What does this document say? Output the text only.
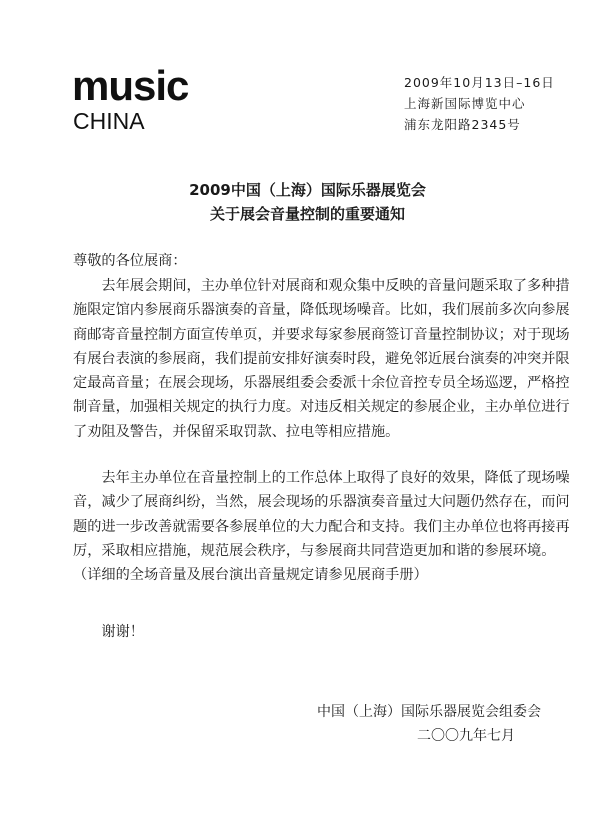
music
CHINA
2009年10月13日–16日
上海新国际博览中心
浦东龙阳路2345号
2009中国（上海）国际乐器展览会
关于展会音量控制的重要通知
尊敬的各位展商：
　　去年展会期间，主办单位针对展商和观众集中反映的音量问题采取了多种措
施限定馆内参展商乐器演奏的音量，降低现场噪音。比如，我们展前多次向参展
商邮寄音量控制方面宣传单页，并要求每家参展商签订音量控制协议；对于现场
有展台表演的参展商，我们提前安排好演奏时段，避免邻近展台演奏的冲突并限
定最高音量；在展会现场，乐器展组委会委派十余位音控专员全场巡逻，严格控
制音量，加强相关规定的执行力度。对违反相关规定的参展企业，主办单位进行
了劝阻及警告，并保留采取罚款、拉电等相应措施。
　　去年主办单位在音量控制上的工作总体上取得了良好的效果，降低了现场噪
音，减少了展商纠纷，当然，展会现场的乐器演奏音量过大问题仍然存在，而问
题的进一步改善就需要各参展单位的大力配合和支持。我们主办单位也将再接再
厉，采取相应措施，规范展会秩序，与参展商共同营造更加和谐的参展环境。
（详细的全场音量及展台演出音量规定请参见展商手册）
　　谢谢！
中国（上海）国际乐器展览会组委会
二〇〇九年七月
